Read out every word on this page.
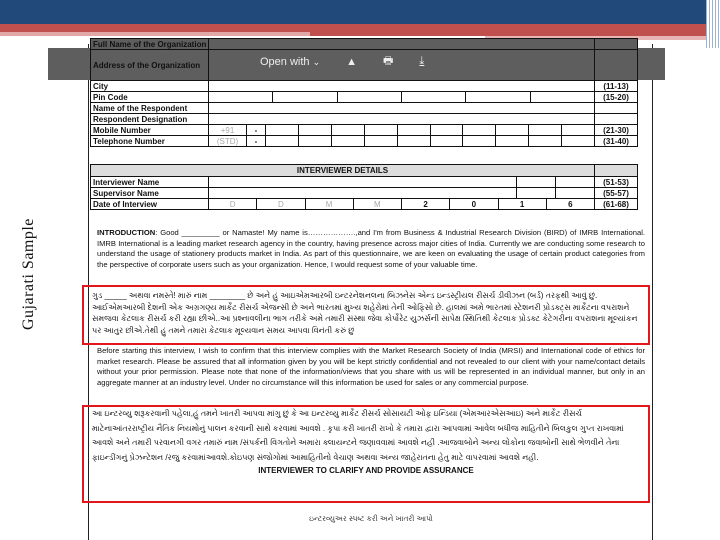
Gujarati Sample
Full Name of the Organization
Address of the Organization
City	(11-13)
Pin Code	(15-20)
Name of the Respondent
Respondent Designation
Mobile Number	+91	-	(21-30)
Telephone Number	(STD)	-	(31-40)
Open with ⌄ ▲ 🖶 ⤓
INTERVIEWER DETAILS
Interviewer Name	(51-53)
Supervisor Name	(55-57)
Date of Interview	D	D	M	M	2	0	1	6	(61-68)
INTRODUCTION: Good _________ or Namaste! My name is……………….,and I'm from Business & Industrial Research Division (BIRD) of IMRB International. IMRB International is a leading market research agency in the country, having presence across major cities of India. Currently we are conducting some research to understand the usage of stationery products market in India. As part of this questionnaire, we are keen on evaluating the usage of certain product categories from the perspective of corporate users such as your organization. Hence, I would request some of your valuable time.
ગુડ _____ અથવા નમસ્તે! મારું નામ ________ છે અને હું આઇએમઆરબી ઇન્ટરનેશનલના બિઝનેસ એન્ડ ઇન્ડસ્ટ્રીયલ રીસર્ચ ડીવીઝન (બર્ડ) તરફથી આવું છું. આઈએમઆરબી દેશની એક અગ્રગણ્ય માર્કેટ રીસર્ચ એજન્સી છે અને ભારતમાં મુખ્ય શહેરોમાં તેની ઓફિસો છે. હાલમાં અમે ભારતમાં સ્ટેશનરી પ્રોડક્ટ્સ માર્કેટના વપરાશને સમજવા કેટલાક રીસર્ચ કરી રહ્યા છીએ..આ પ્રશ્નાવલીના ભાગ તરીકે અમે તમારી સંસ્થા જેવા કોર્પોરેટ યુઝર્સની સાપેક્ષ સ્થિતિથી કેટલાક પ્રોડક્ટ કેટેગરીના વપરાશના મૂલ્યાંકન પર આતુર છીએ.તેથી હું તમને તમારા કેટલાક મૂલ્યવાન સમય આપવા વિનંતી કરું છું
Before starting this interview, I wish to confirm that this interview complies with the Market Research Society of India (MRSI) and International code of ethics for market research. Please be assured that all information given by you will be kept strictly confidential and not revealed to our client with your name/contact details without your prior permission. Please note that none of the information/views that you share with us will be represented in an individual manner, but only in an aggregate manner at an industry level. Under no circumstance will this information be used for sales or any commercial purpose.
આ ઇન્ટરવ્યુ શરૂકરવાની પહેલા,હું તમને ખાતરી આપવા માંગુ છું કે આ ઇન્ટરવ્યુ માર્કેટ રીસર્ચ સોસાયટી ઓફ ઇન્ડિયા (એમઆરએસઆઇ) અને માર્કેટ રીસર્ચ માટેનાઆંતરરાષ્ટ્રીય નૈતિક નિયમોનું પાલન કરવાની સાથે કરવામાં આવશે . કૃપા કરી ખાતરી રાખો કે તમારા દ્વારા આપવામાં આવેલ બધીજ માહિતીને બિલકુલ ગુપ્ત રાખવામાં આવશે અને તમારી પરવાનગી વગર તમારું નામ /સંપર્કની વિગતોને અમારા ક્લાયન્ટને જણાવવામાં આવશે નહી .આજવાબોને અન્ય લોકોના જવાબોની સાથે ભેળવીને તેના ફાઇન્ડીંગનું પ્રેઝન્ટેશન /રજુ કરવામાંઆવશે.કોઇપણ સંજોગોમાં આમાહિતીનો વેચાણ અથવા અન્ય જાહેરાતના હેતુ માટે વાપરવામાં આવશે નહી.
INTERVIEWER TO CLARIFY AND PROVIDE ASSURANCE
ઇન્ટરવ્યુઅર સ્પષ્ટ કરી અને ખાતરી આપો
